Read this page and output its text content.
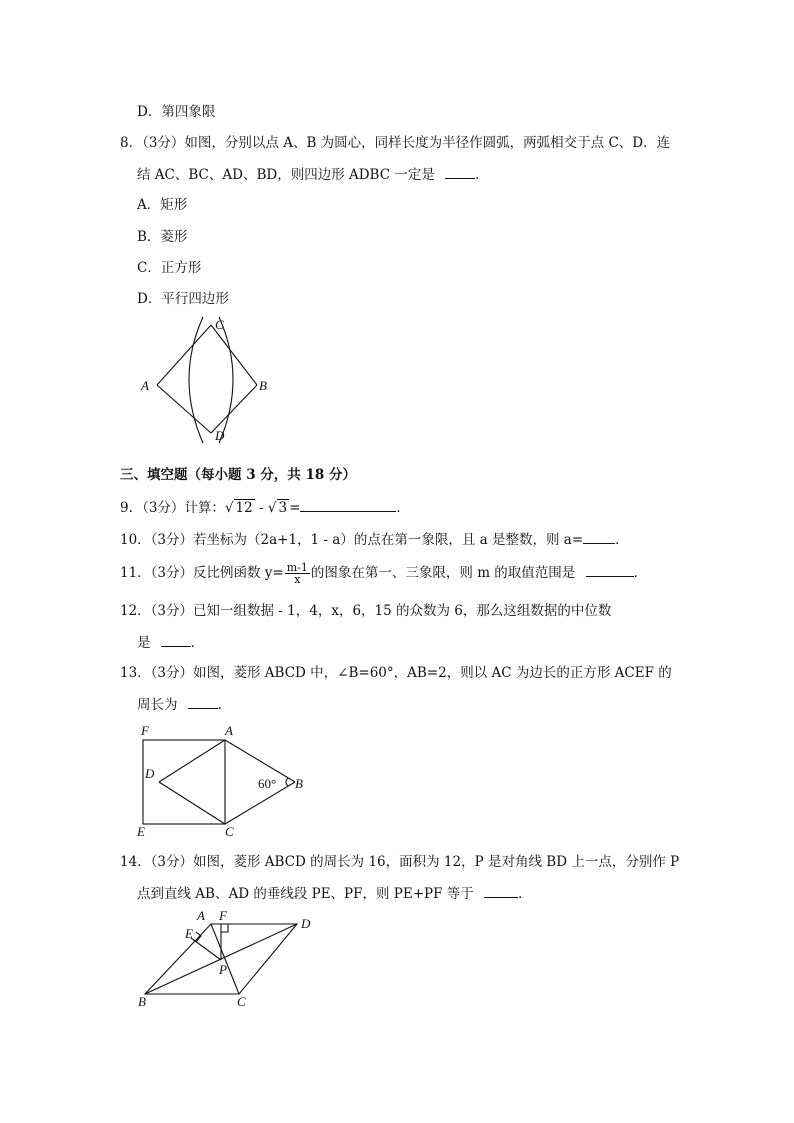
D．第四象限
8．（3分）如图，分别以点 A、B 为圆心，同样长度为半径作圆弧，两弧相交于点 C、D．连
结 AC、BC、AD、BD，则四边形 ADBC 一定是	．
A．矩形
B．菱形
C．正方形
D．平行四边形
C
A	B
D
三、填空题（每小题 3 分，共 18 分）
9．（3分）计算：√ 12 - √ 3 =	．
10．（3分）若坐标为（2a+1，1 - a）的点在第一象限，且 a 是整数，则 a= ．
11．（3分）反比例函数 $y= \frac{m-1}{x}$ 的图象在第一、三象限，则 m 的取值范围是	．
12．（3分）已知一组数据 - 1，4，x，6，15 的众数为 6，那么这组数据的中位数
是	．
13．（3分）如图，菱形 ABCD 中，∠B=60°，AB=2，则以 AC 为边长的正方形 ACEF 的
周长为	．
F	A
D
60° B
E	C
14．（3分）如图，菱形 ABCD 的周长为 16，面积为 12，P 是对角线 BD 上一点，分别作 P
点到直线 AB、AD 的垂线段 PE、PF，则 PE+PF 等于	．
A F
D
E
P
B	C
